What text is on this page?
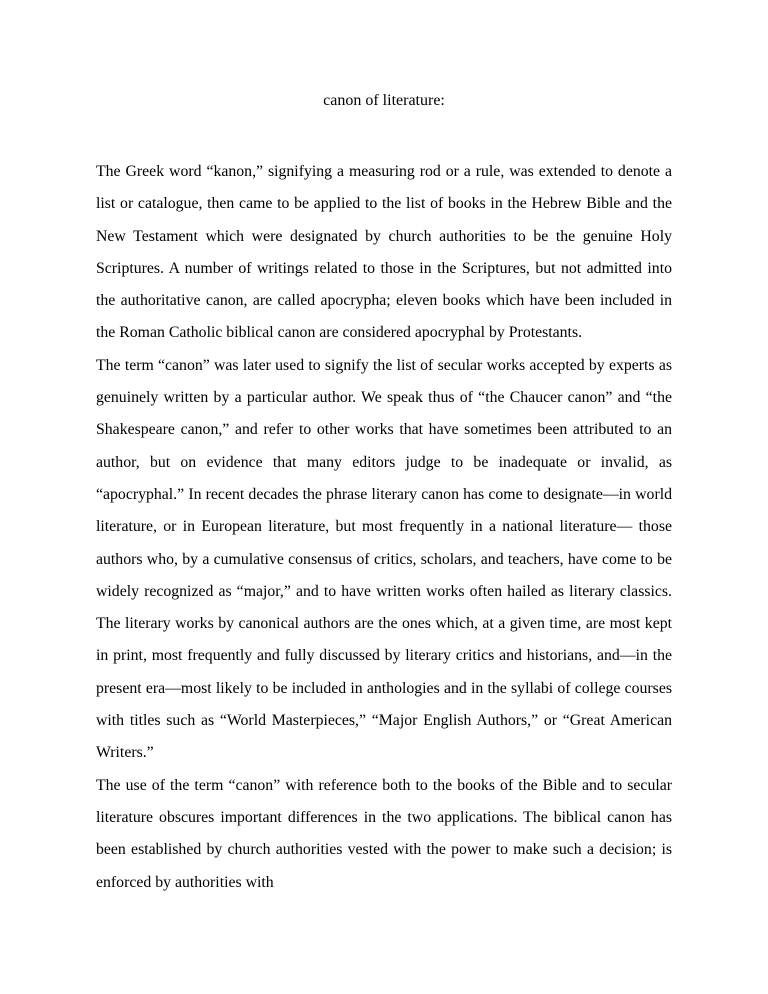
canon of literature:

The Greek word “kanon,” signifying a measuring rod or a rule, was extended to denote a list or catalogue, then came to be applied to the list of books in the Hebrew Bible and the New Testament which were designated by church authorities to be the genuine Holy Scriptures. A number of writings related to those in the Scriptures, but not admitted into the authoritative canon, are called apocrypha; eleven books which have been included in the Roman Catholic biblical canon are considered apocryphal by Protestants.

The term “canon” was later used to signify the list of secular works accepted by experts as genuinely written by a particular author. We speak thus of “the Chaucer canon” and “the Shakespeare canon,” and refer to other works that have sometimes been attributed to an author, but on evidence that many editors judge to be inadequate or invalid, as “apocryphal.” In recent decades the phrase literary canon has come to designate—in world literature, or in European literature, but most frequently in a national literature— those authors who, by a cumulative consensus of critics, scholars, and teachers, have come to be widely recognized as “major,” and to have written works often hailed as literary classics. The literary works by canonical authors are the ones which, at a given time, are most kept in print, most frequently and fully discussed by literary critics and historians, and—in the present era—most likely to be included in anthologies and in the syllabi of college courses with titles such as “World Masterpieces,” “Major English Authors,” or “Great American Writers.”

The use of the term “canon” with reference both to the books of the Bible and to secular literature obscures important differences in the two applications. The biblical canon has been established by church authorities vested with the power to make such a decision; is enforced by authorities with
